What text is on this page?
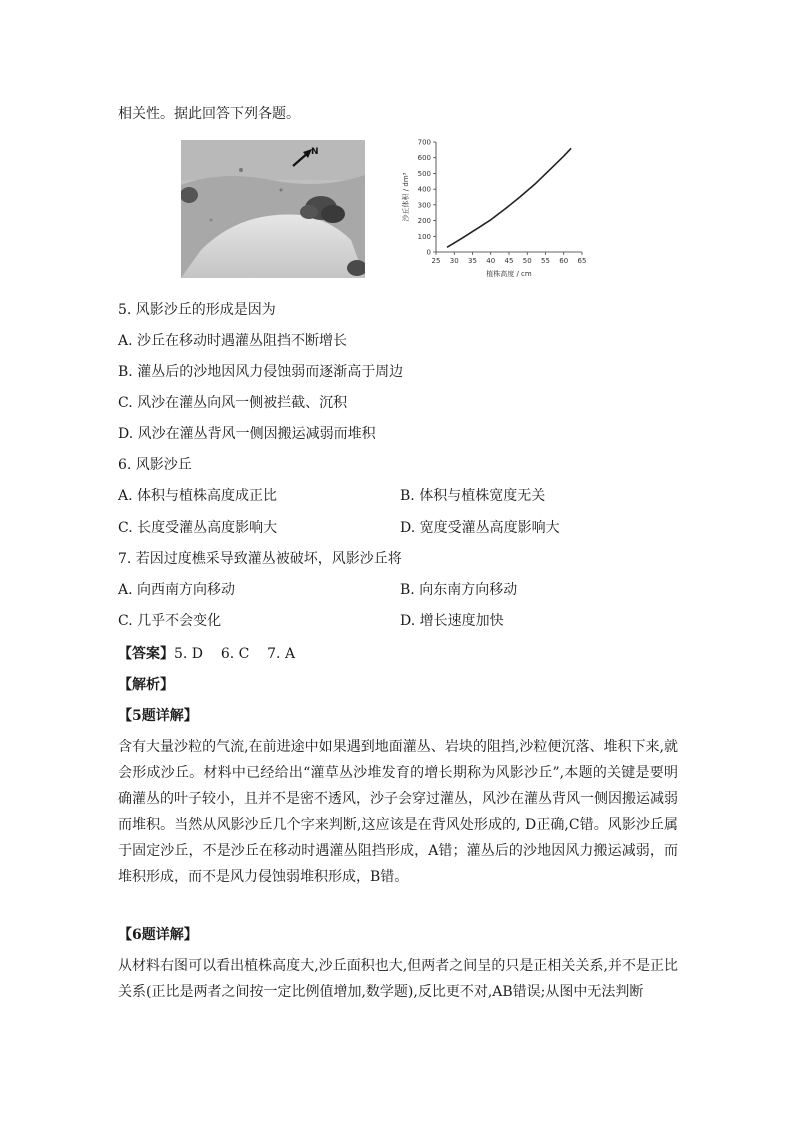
相关性。据此回答下列各题。
N
0
100
200
300
400
500
600
700
25 30 35 40 45 50 55 60 65
沙丘体积 / dm³
植株高度 / cm
5. 风影沙丘的形成是因为
A. 沙丘在移动时遇灌丛阻挡不断增长
B. 灌丛后的沙地因风力侵蚀弱而逐渐高于周边
C. 风沙在灌丛向风一侧被拦截、沉积
D. 风沙在灌丛背风一侧因搬运减弱而堆积
6. 风影沙丘
A. 体积与植株高度成正比	B. 体积与植株宽度无关
C. 长度受灌丛高度影响大	D. 宽度受灌丛高度影响大
7. 若因过度樵采导致灌丛被破坏，风影沙丘将
A. 向西南方向移动	B. 向东南方向移动
C. 几乎不会变化	D. 增长速度加快
【答案】5. D    6. C    7. A
【解析】
【5题详解】
含有大量沙粒的气流,在前进途中如果遇到地面灌丛、岩块的阻挡,沙粒便沉落、堆积下来,就会形成沙丘。材料中已经给出“灌草丛沙堆发育的增长期称为风影沙丘”,本题的关键是要明确灌丛的叶子较小，且并不是密不透风，沙子会穿过灌丛，风沙在灌丛背风一侧因搬运减弱而堆积。当然从风影沙丘几个字来判断,这应该是在背风处形成的, D正确,C错。风影沙丘属于固定沙丘，不是沙丘在移动时遇灌丛阻挡形成，A错；灌丛后的沙地因风力搬运减弱，而堆积形成，而不是风力侵蚀弱堆积形成，B错。
【6题详解】
从材料右图可以看出植株高度大,沙丘面积也大,但两者之间呈的只是正相关关系,并不是正比关系(正比是两者之间按一定比例值增加,数学题),反比更不对,AB错误;从图中无法判断
